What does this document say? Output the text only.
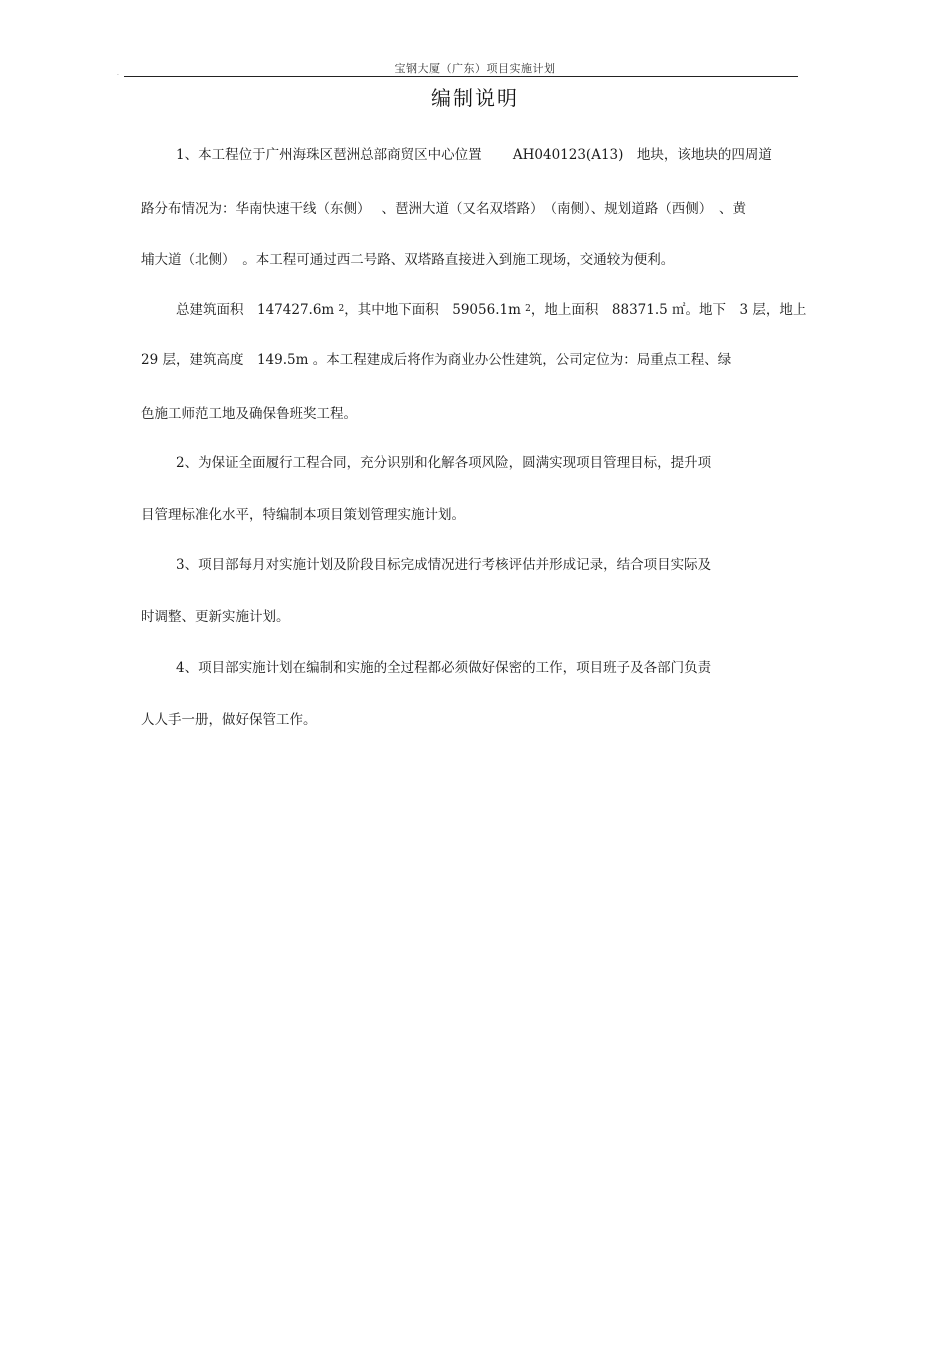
宝钢大厦（广东）项目实施计划
·
编制说明
1、本工程位于广州海珠区琶洲总部商贸区中心位置　　 AH040123(A13)　地块，该地块的四周道
路分布情况为：华南快速干线（东侧）　 、琶洲大道（又名双塔路）　（南侧）、规划道路（西侧）　、黄
埔大道（北侧）　。本工程可通过西二号路、双塔路直接进入到施工现场，交通较为便利。
总建筑面积　147427.6m $^2$，其中地下面积　59056.1m $^2$，地上面积　88371.5 ㎡。地下　3 层，地上
29 层，建筑高度　149.5m 。本工程建成后将作为商业办公性建筑，公司定位为：局重点工程、绿
色施工师范工地及确保鲁班奖工程。
2、为保证全面履行工程合同，充分识别和化解各项风险，圆满实现项目管理目标，提升项
目管理标准化水平，特编制本项目策划管理实施计划。
3、项目部每月对实施计划及阶段目标完成情况进行考核评估并形成记录，结合项目实际及
时调整、更新实施计划。
4、项目部实施计划在编制和实施的全过程都必须做好保密的工作，项目班子及各部门负责
人人手一册，做好保管工作。
